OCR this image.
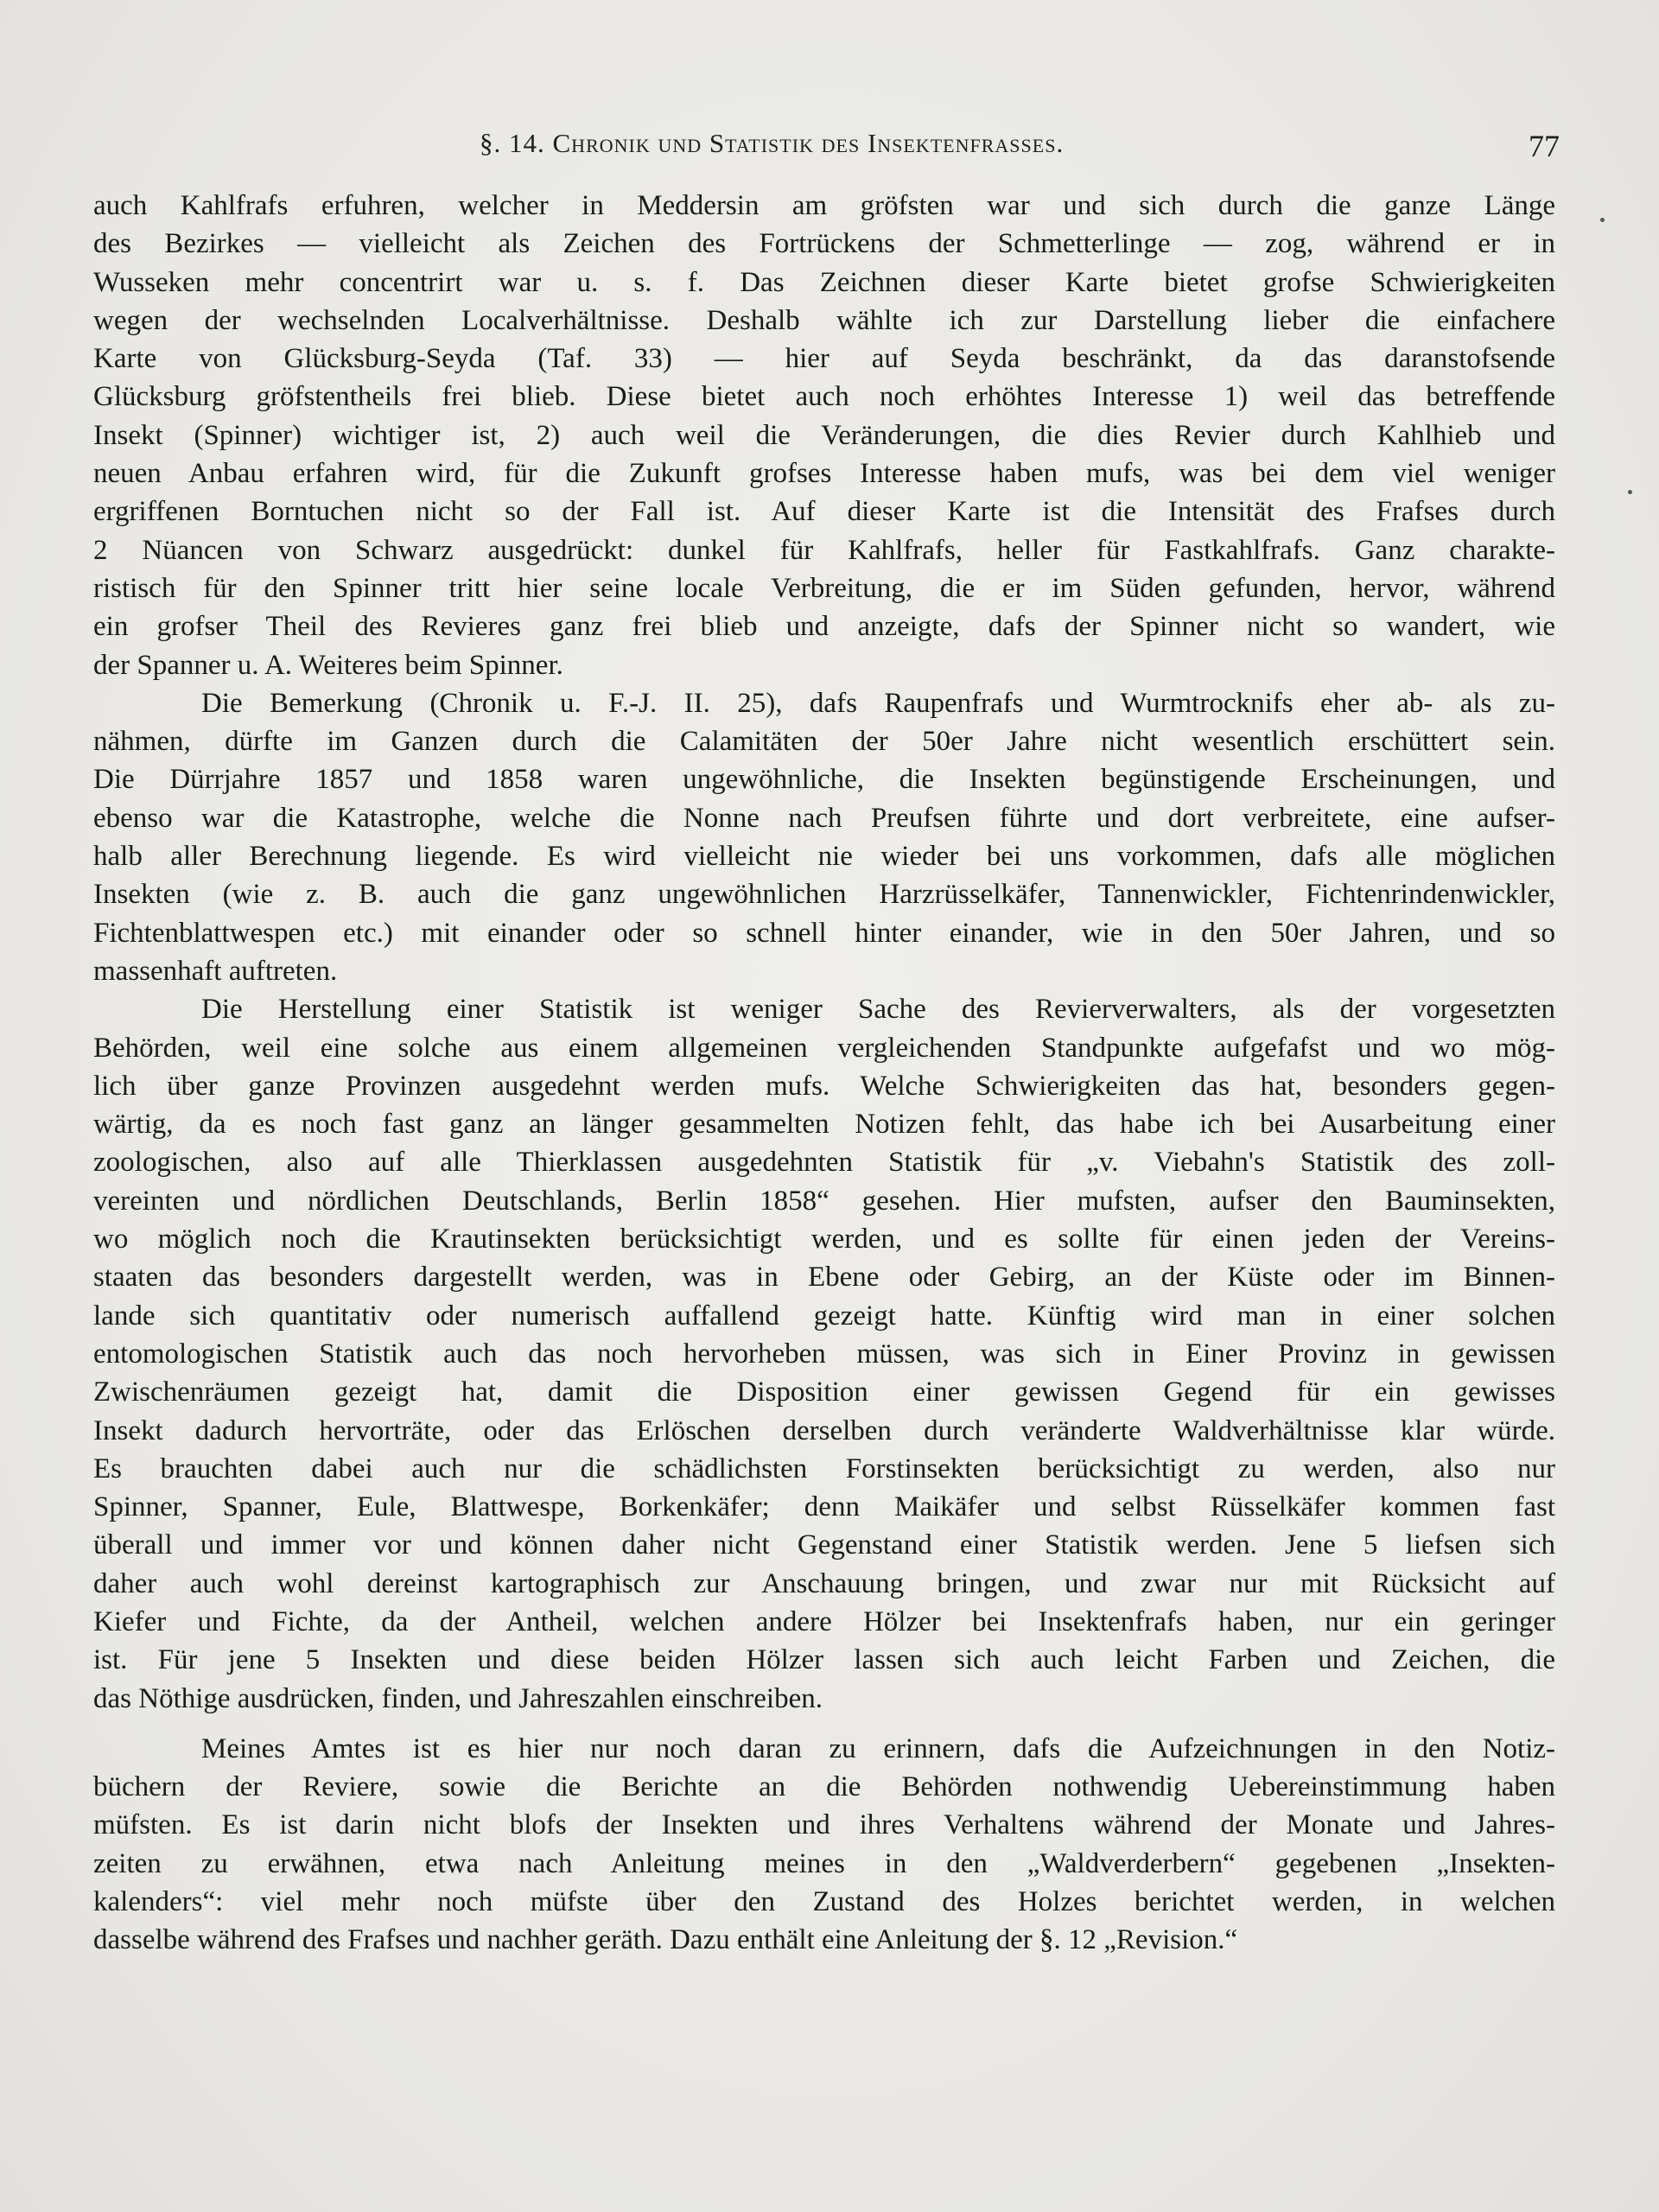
§. 14. Chronik und Statistik des Insektenfrasses.	77
auch Kahlfrafs erfuhren, welcher in Meddersin am gröfsten war und sich durch die ganze Länge
des Bezirkes — vielleicht als Zeichen des Fortrückens der Schmetterlinge — zog, während er in
Wusseken mehr concentrirt war u. s. f. Das Zeichnen dieser Karte bietet grofse Schwierigkeiten
wegen der wechselnden Localverhältnisse. Deshalb wählte ich zur Darstellung lieber die einfachere
Karte von Glücksburg-Seyda (Taf. 33) — hier auf Seyda beschränkt, da das daranstofsende
Glücksburg gröfstentheils frei blieb. Diese bietet auch noch erhöhtes Interesse 1) weil das betreffende
Insekt (Spinner) wichtiger ist, 2) auch weil die Veränderungen, die dies Revier durch Kahlhieb und
neuen Anbau erfahren wird, für die Zukunft grofses Interesse haben mufs, was bei dem viel weniger
ergriffenen Borntuchen nicht so der Fall ist. Auf dieser Karte ist die Intensität des Frafses durch
2 Nüancen von Schwarz ausgedrückt: dunkel für Kahlfrafs, heller für Fastkahlfrafs. Ganz charakte-
ristisch für den Spinner tritt hier seine locale Verbreitung, die er im Süden gefunden, hervor, während
ein grofser Theil des Revieres ganz frei blieb und anzeigte, dafs der Spinner nicht so wandert, wie
der Spanner u. A. Weiteres beim Spinner.
Die Bemerkung (Chronik u. F.-J. II. 25), dafs Raupenfrafs und Wurmtrocknifs eher ab- als zu-
nähmen, dürfte im Ganzen durch die Calamitäten der 50er Jahre nicht wesentlich erschüttert sein.
Die Dürrjahre 1857 und 1858 waren ungewöhnliche, die Insekten begünstigende Erscheinungen, und
ebenso war die Katastrophe, welche die Nonne nach Preufsen führte und dort verbreitete, eine aufser-
halb aller Berechnung liegende. Es wird vielleicht nie wieder bei uns vorkommen, dafs alle möglichen
Insekten (wie z. B. auch die ganz ungewöhnlichen Harzrüsselkäfer, Tannenwickler, Fichtenrindenwickler,
Fichtenblattwespen etc.) mit einander oder so schnell hinter einander, wie in den 50er Jahren, und so
massenhaft auftreten.
Die Herstellung einer Statistik ist weniger Sache des Revierverwalters, als der vorgesetzten
Behörden, weil eine solche aus einem allgemeinen vergleichenden Standpunkte aufgefafst und wo mög-
lich über ganze Provinzen ausgedehnt werden mufs. Welche Schwierigkeiten das hat, besonders gegen-
wärtig, da es noch fast ganz an länger gesammelten Notizen fehlt, das habe ich bei Ausarbeitung einer
zoologischen, also auf alle Thierklassen ausgedehnten Statistik für „v. Viebahn's Statistik des zoll-
vereinten und nördlichen Deutschlands, Berlin 1858“ gesehen. Hier mufsten, aufser den Bauminsekten,
wo möglich noch die Krautinsekten berücksichtigt werden, und es sollte für einen jeden der Vereins-
staaten das besonders dargestellt werden, was in Ebene oder Gebirg, an der Küste oder im Binnen-
lande sich quantitativ oder numerisch auffallend gezeigt hatte. Künftig wird man in einer solchen
entomologischen Statistik auch das noch hervorheben müssen, was sich in Einer Provinz in gewissen
Zwischenräumen gezeigt hat, damit die Disposition einer gewissen Gegend für ein gewisses
Insekt dadurch hervorträte, oder das Erlöschen derselben durch veränderte Waldverhältnisse klar würde.
Es brauchten dabei auch nur die schädlichsten Forstinsekten berücksichtigt zu werden, also nur
Spinner, Spanner, Eule, Blattwespe, Borkenkäfer; denn Maikäfer und selbst Rüsselkäfer kommen fast
überall und immer vor und können daher nicht Gegenstand einer Statistik werden. Jene 5 liefsen sich
daher auch wohl dereinst kartographisch zur Anschauung bringen, und zwar nur mit Rücksicht auf
Kiefer und Fichte, da der Antheil, welchen andere Hölzer bei Insektenfrafs haben, nur ein geringer
ist. Für jene 5 Insekten und diese beiden Hölzer lassen sich auch leicht Farben und Zeichen, die
das Nöthige ausdrücken, finden, und Jahreszahlen einschreiben.
Meines Amtes ist es hier nur noch daran zu erinnern, dafs die Aufzeichnungen in den Notiz-
büchern der Reviere, sowie die Berichte an die Behörden nothwendig Uebereinstimmung haben
müfsten. Es ist darin nicht blofs der Insekten und ihres Verhaltens während der Monate und Jahres-
zeiten zu erwähnen, etwa nach Anleitung meines in den „Waldverderbern“ gegebenen „Insekten-
kalenders“: viel mehr noch müfste über den Zustand des Holzes berichtet werden, in welchen
dasselbe während des Frafses und nachher geräth. Dazu enthält eine Anleitung der §. 12 „Revision.“
